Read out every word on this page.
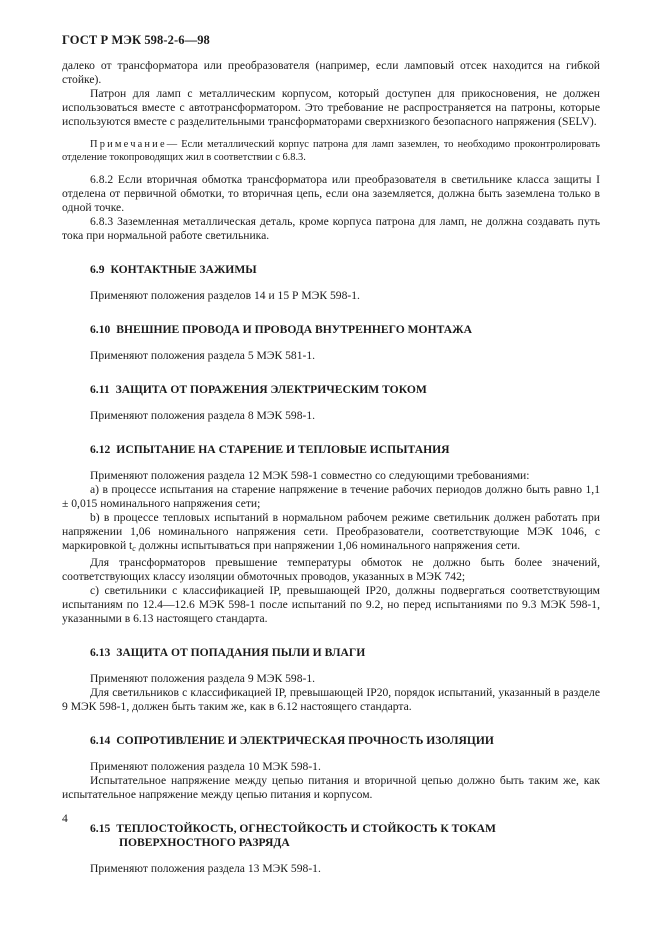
ГОСТ Р МЭК 598-2-6—98

далеко от трансформатора или преобразователя (например, если ламповый отсек находится на гибкой стойке).

Патрон для ламп с металлическим корпусом, который доступен для прикосновения, не должен использоваться вместе с автотрансформатором. Это требование не распространяется на патроны, которые используются вместе с разделительными трансформаторами сверхнизкого безопасного напряжения (SELV).

Примечание— Если металлический корпус патрона для ламп заземлен, то необходимо проконтролировать отделение токопроводящих жил в соответствии с 6.8.3.

6.8.2 Если вторичная обмотка трансформатора или преобразователя в светильнике класса защиты I отделена от первичной обмотки, то вторичная цепь, если она заземляется, должна быть заземлена только в одной точке.

6.8.3 Заземленная металлическая деталь, кроме корпуса патрона для ламп, не должна создавать путь тока при нормальной работе светильника.

6.9 КОНТАКТНЫЕ ЗАЖИМЫ

Применяют положения разделов 14 и 15 Р МЭК 598-1.

6.10 ВНЕШНИЕ ПРОВОДА И ПРОВОДА ВНУТРЕННЕГО МОНТАЖА

Применяют положения раздела 5 МЭК 581-1.

6.11 ЗАЩИТА ОТ ПОРАЖЕНИЯ ЭЛЕКТРИЧЕСКИМ ТОКОМ

Применяют положения раздела 8 МЭК 598-1.

6.12 ИСПЫТАНИЕ НА СТАРЕНИЕ И ТЕПЛОВЫЕ ИСПЫТАНИЯ

Применяют положения раздела 12 МЭК 598-1 совместно со следующими требованиями:

а) в процессе испытания на старение напряжение в течение рабочих периодов должно быть равно 1,1 ± 0,015 номинального напряжения сети;

b) в процессе тепловых испытаний в нормальном рабочем режиме светильник должен работать при напряжении 1,06 номинального напряжения сети. Преобразователи, соответствующие МЭК 1046, с маркировкой $t_c$ должны испытываться при напряжении 1,06 номинального напряжения сети.

Для трансформаторов превышение температуры обмоток не должно быть более значений, соответствующих классу изоляции обмоточных проводов, указанных в МЭК 742;

с) светильники с классификацией IP, превышающей IP20, должны подвергаться соответствующим испытаниям по 12.4—12.6 МЭК 598-1 после испытаний по 9.2, но перед испытаниями по 9.3 МЭК 598-1, указанными в 6.13 настоящего стандарта.

6.13 ЗАЩИТА ОТ ПОПАДАНИЯ ПЫЛИ И ВЛАГИ

Применяют положения раздела 9 МЭК 598-1.

Для светильников с классификацией IP, превышающей IP20, порядок испытаний, указанный в разделе 9 МЭК 598-1, должен быть таким же, как в 6.12 настоящего стандарта.

6.14 СОПРОТИВЛЕНИЕ И ЭЛЕКТРИЧЕСКАЯ ПРОЧНОСТЬ ИЗОЛЯЦИИ

Применяют положения раздела 10 МЭК 598-1.

Испытательное напряжение между цепью питания и вторичной цепью должно быть таким же, как испытательное напряжение между цепью питания и корпусом.

6.15 ТЕПЛОСТОЙКОСТЬ, ОГНЕСТОЙКОСТЬ И СТОЙКОСТЬ К ТОКАМ
ПОВЕРХНОСТНОГО РАЗРЯДА

Применяют положения раздела 13 МЭК 598-1.

4
